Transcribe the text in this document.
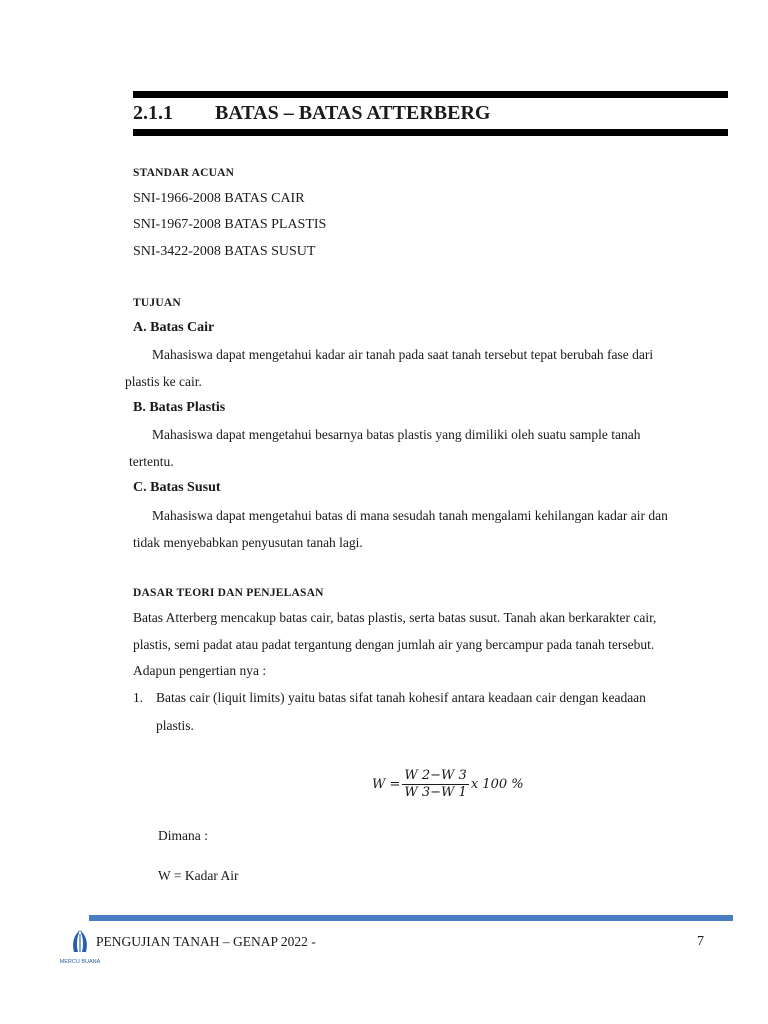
2.1.1 BATAS – BATAS ATTERBERG
STANDAR ACUAN
SNI-1966-2008 BATAS CAIR
SNI-1967-2008 BATAS PLASTIS
SNI-3422-2008 BATAS SUSUT
TUJUAN
A. Batas Cair
Mahasiswa dapat mengetahui kadar air tanah pada saat tanah tersebut tepat berubah fase dari
plastis ke cair.
B. Batas Plastis
Mahasiswa dapat mengetahui besarnya batas plastis yang dimiliki oleh suatu sample tanah
tertentu.
C. Batas Susut
Mahasiswa dapat mengetahui batas di mana sesudah tanah mengalami kehilangan kadar air dan
tidak menyebabkan penyusutan tanah lagi.
DASAR TEORI DAN PENJELASAN
Batas Atterberg mencakup batas cair, batas plastis, serta batas susut. Tanah akan berkarakter cair,
plastis, semi padat atau padat tergantung dengan jumlah air yang bercampur pada tanah tersebut.
Adapun pengertian nya :
1. Batas cair (liquit limits) yaitu batas sifat tanah kohesif antara keadaan cair dengan keadaan
plastis.
$W = \frac{W 2-W 3}{W 3-W 1}$ x 100 %
Dimana :
W = Kadar Air
MERCU BUANA
PENGUJIAN TANAH – GENAP 2022 -	7
